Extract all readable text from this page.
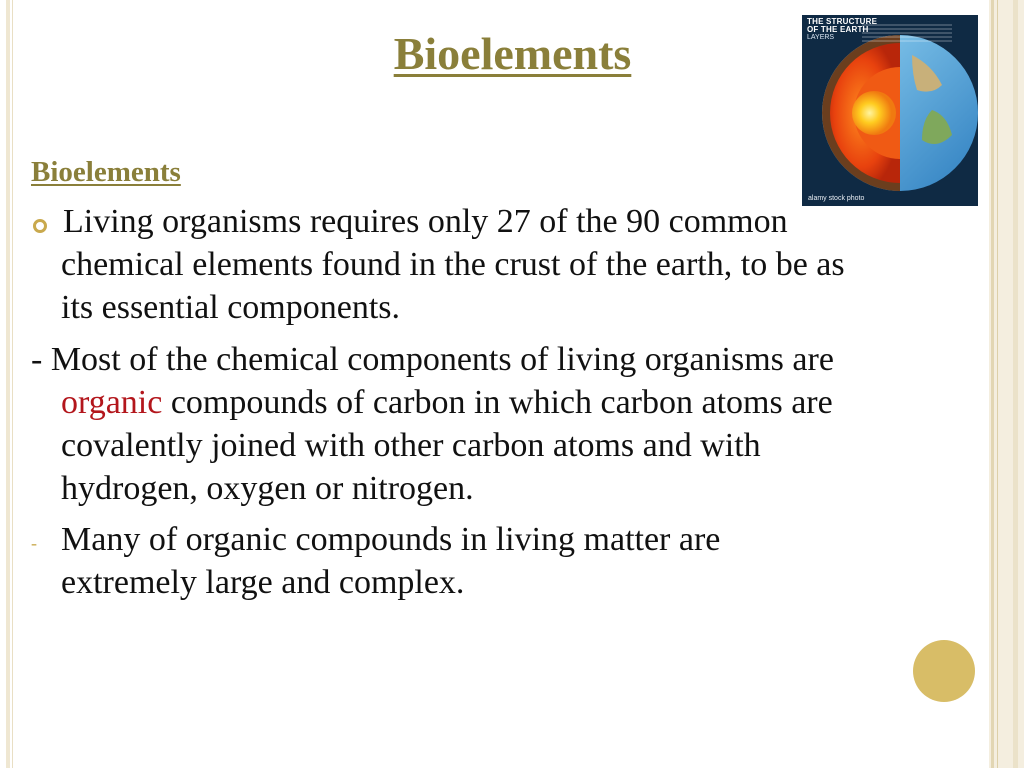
Bioelements
Bioelements
Living organisms requires only 27 of the 90 common
chemical elements found in the crust of the earth, to be as
its essential components.
- Most of the chemical components of living organisms are
organic compounds of carbon in which carbon atoms are
covalently joined with other carbon atoms and with
hydrogen, oxygen or nitrogen.
- Many of organic compounds in living matter are
extremely large and complex.
THE STRUCTURE
OF THE EARTH
LAYERS
alamy stock photo
